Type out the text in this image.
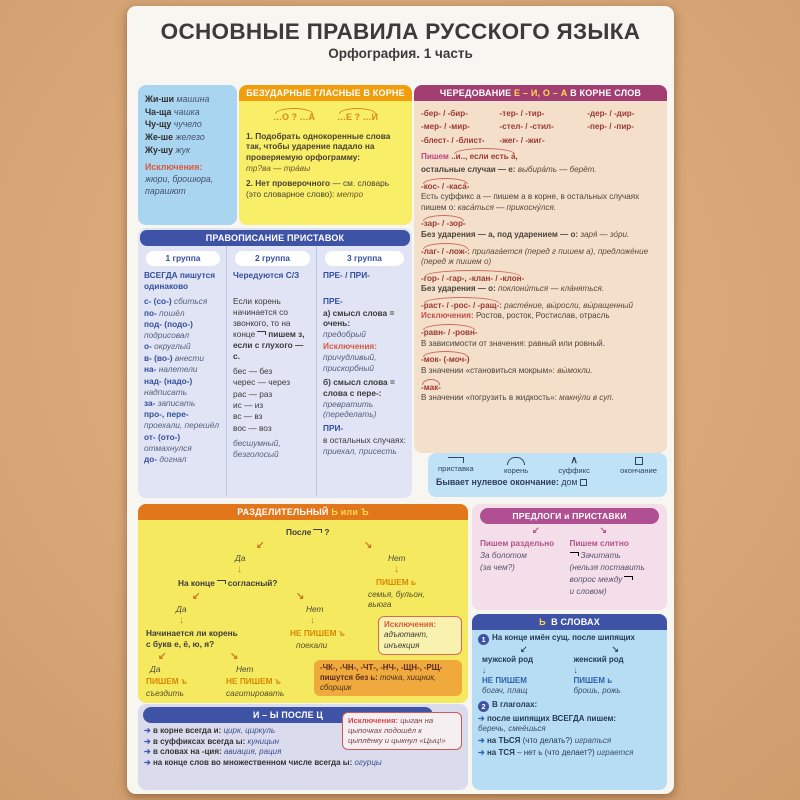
ОСНОВНЫЕ ПРАВИЛА РУССКОГО ЯЗЫКА
Орфография. 1 часть
Жи-ши машина
Ча-ща чашка
Чу-щу чучело
Же-ше железо
Жу-шу жук
Исключения:
жюри, брошюра, парашют
БЕЗУДАРНЫЕ ГЛАСНЫЕ В КОРНЕ
…О ? …А …Е ? …И

1. Подобрать однокоренные слова так, чтобы ударение падало на проверяемую орфограмму:
тр?ва — тра́вы

2. Нет проверочного — см. словарь (это словарное слово): метро

ЧЕРЕДОВАНИЕ Е – И, О – А В КОРНЕ СЛОВ
-бер- / -бир-	-тер- / -тир-	-дер- / -дир-
-мер- / -мир-	-стел- / -стил-	-пер- / -пир-
-блест- / -блист-	-жег- / -жиг-
Пишем ..и.., если есть а́,
остальные случаи — е: выбира́ть — берёт.
-кос- / -каса́-
Есть суффикс а — пишем а в корне, в остальных случаях пишем о: каса́ться — прикосну́лся.
-зар- / -зор-
Без ударения — а, под ударением — о: заря́ — зо́ри.
-лаг- / -лож-: прилага́ется (перед г пишем а), предложе́ние (перед ж пишем о)
-гор- / -гар-, -клан- / -клон-
Без ударения — о: поклони́ться — кла́няться.
-раст- / -рос- / -ращ-: расте́ние, вы́росли, вы́ращенный
Исключения: Ростов, росток, Ростислав, отрасль
-равн- / -ровн-
В зависимости от значения: равный или ровный.
-мок- (-моч-)
В значении «становиться мокрым»: вы́мокли.
-мак-
В значении «погрузить в жидкость»: макну́ли в суп.
приставка	корень
∧
суффикс	окончание
Бывает нулевое окончание: дом
ПРАВОПИСАНИЕ ПРИСТАВОК
1 группа
ВСЕГДА пишутся одинаково
с- (со-) сбиться
по- пошёл
под- (подо-) подрисовал
о- округлый
в- (во-) внести
на- налетели
над- (надо-) надписать
за- записать
про-, пере- проехали, перешёл
от- (ото-) отмахнулся
до- догнал
2 группа
Чередуются С/З
Если корень начинается со звонкого, то на конце пишем з, если с глухого — с.
бес — без
черес — через
рас — раз
ис — из
вс — вз
вос — воз
бесшумный, безголосый
3 группа
ПРЕ- / ПРИ-
ПРЕ-
а) смысл слова = очень:
предобрый
Исключения:
причудливый, прискорбный
б) смысл слова = слова с пере-:
превратить (переделать)
ПРИ-
в остальных случаях:
приехал, присесть
РАЗДЕЛИТЕЛЬНЫЙ Ь или Ъ
После ?
↙	↘
Да
↓
Нет
↓
ПИШЕМ ь
семья, бульон,
вьюга
На конце согласный?
↙	↘
Да
↓
Нет
↓
НЕ ПИШЕМ ъ
поехали
Начинается ли корень
с букв е, ё, ю, я?
↙	↘
Да
ПИШЕМ ъ
съездить
Нет
НЕ ПИШЕМ ъ
сагитировать
Исключения:
адъютант,
инъекция
-ЧК-, -ЧН-, -ЧТ-, -НЧ-, -ЩН-, -РЩ- пишутся без ь: точка, хищник, сборщик
ПРЕДЛОГИ и ПРИСТАВКИ
↙	↘
Пишем раздельно
За болотом
(за чем?)
Пишем слитно
Зачитать
(нельзя поставить
вопрос между
и словом)
Ь В СЛОВАХ
1 На конце имён сущ. после шипящих
↙	↘
мужской род
↓
НЕ ПИШЕМ
богач, плащ
женский род
↓
ПИШЕМ ь
брошь, рожь
2 В глаголах:
➔ после шипящих ВСЕГДА пишем:
беречь, смеёшься
➔ на ТЬСЯ (что делать?) играться
➔ на ТСЯ – нет ь (что делает?) играется
И – Ы ПОСЛЕ Ц
➔ в корне всегда и: цирк, циркуль
➔ в суффиксах всегда ы: куницын
➔ в словах на -ция: авиация, рация
➔ на конце слов во множественном числе всегда ы: огурцы
Исключения: цыган на цыпочках подошёл к цыплёнку и цыкнул «Цыц!»
